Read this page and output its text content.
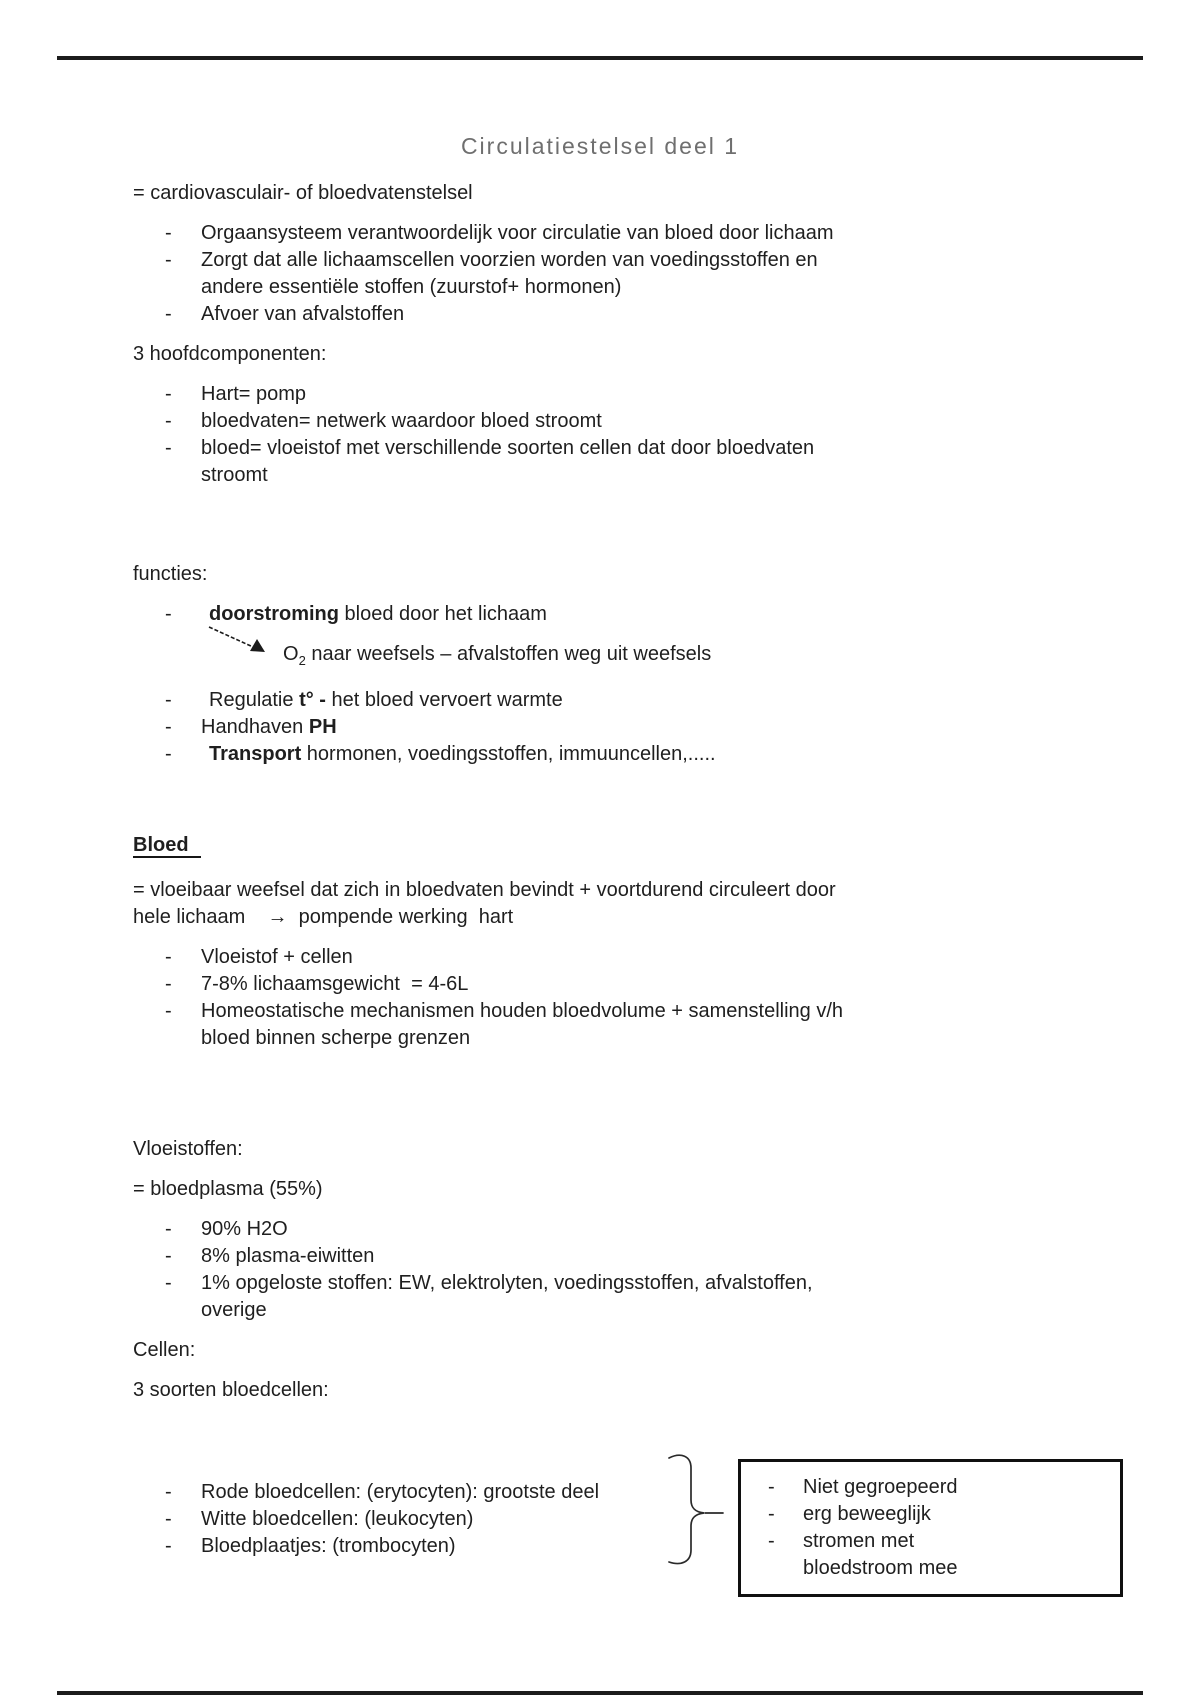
Circulatiestelsel deel 1

= cardiovasculair- of bloedvatenstelsel

-	Orgaansysteem verantwoordelijk voor circulatie van bloed door lichaam
-	Zorgt dat alle lichaamscellen voorzien worden van voedingsstoffen en
andere essentiële stoffen (zuurstof+ hormonen)
-	Afvoer van afvalstoffen

3 hoofdcomponenten:

-	Hart= pomp
-	bloedvaten= netwerk waardoor bloed stroomt
-	bloed= vloeistof met verschillende soorten cellen dat door bloedvaten
stroomt

functies:

-	doorstroming bloed door het lichaam

$O_2$ naar weefsels – afvalstoffen weg uit weefsels

-	Regulatie t° - het bloed vervoert warmte
-	Handhaven PH
-	Transport hormonen, voedingsstoffen, immuuncellen,.....

Bloed

= vloeibaar weefsel dat zich in bloedvaten bevindt + voortdurend circuleert door
hele lichaam    →  pompende werking  hart

-	Vloeistof + cellen
-	7-8% lichaamsgewicht  = 4-6L
-	Homeostatische mechanismen houden bloedvolume + samenstelling v/h
bloed binnen scherpe grenzen

Vloeistoffen:

= bloedplasma (55%)

-	90% H2O
-	8% plasma-eiwitten
-	1% opgeloste stoffen: EW, elektrolyten, voedingsstoffen, afvalstoffen,
overige

Cellen:

3 soorten bloedcellen:

-	Rode bloedcellen: (erytocyten): grootste deel
-	Witte bloedcellen: (leukocyten)
-	Bloedplaatjes: (trombocyten)
-	Niet gegroepeerd
-	erg beweeglijk
-	stromen met
bloedstroom mee
